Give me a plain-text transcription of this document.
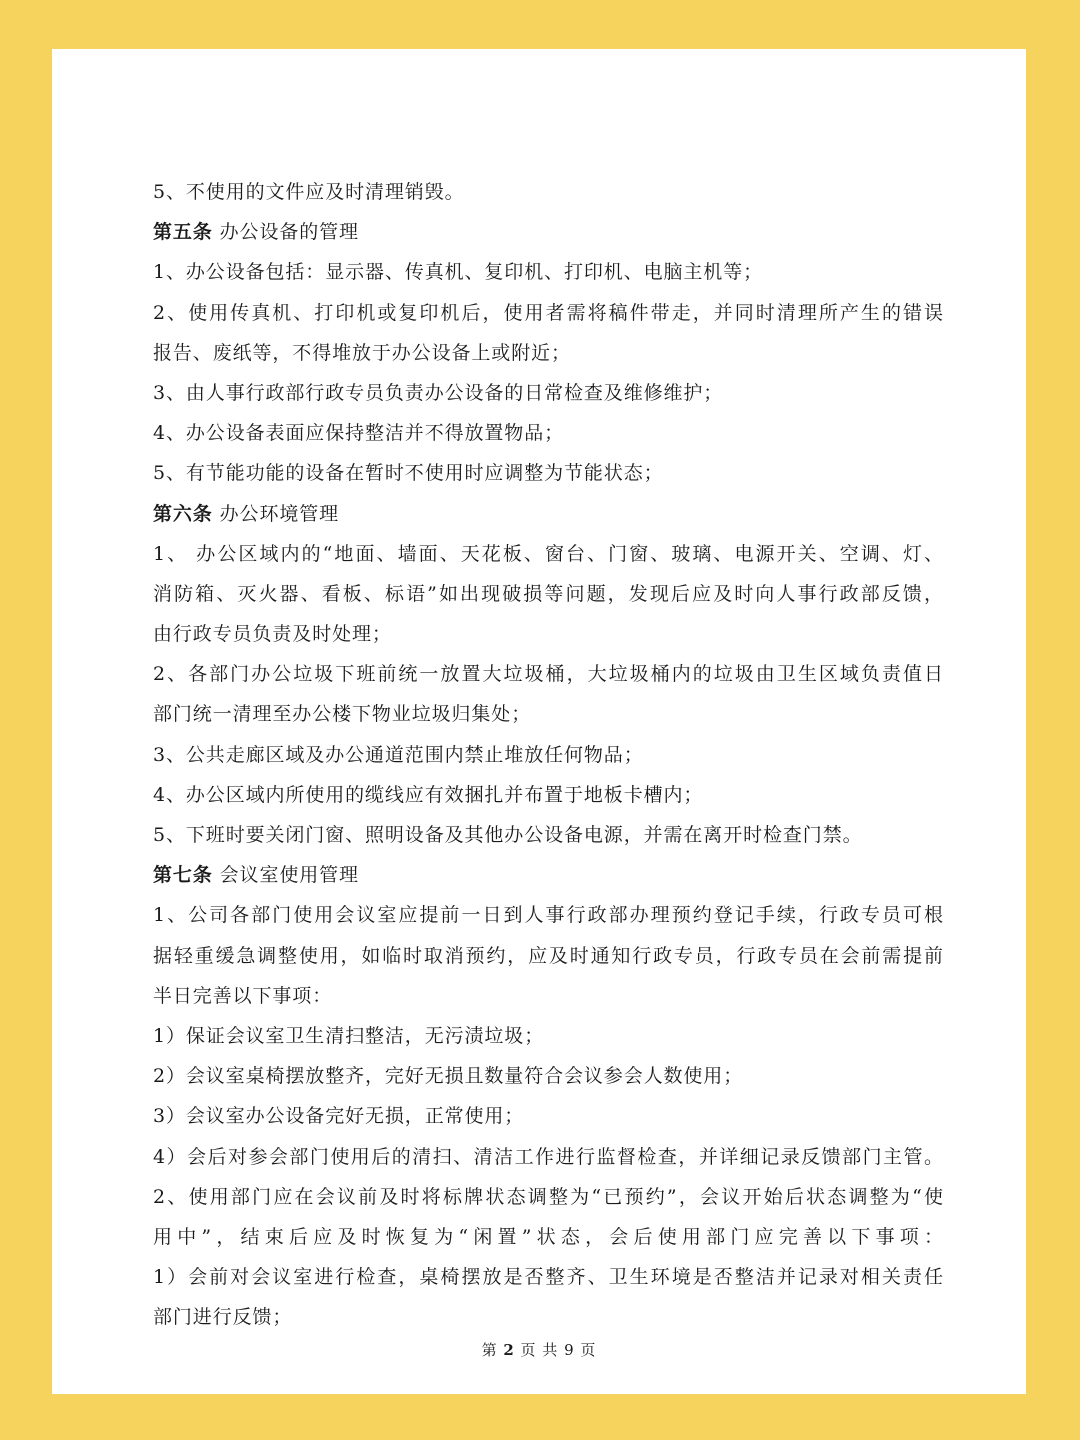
5、不使用的文件应及时清理销毁。
第五条 办公设备的管理
1、办公设备包括：显示器、传真机、复印机、打印机、电脑主机等；
2、使用传真机、打印机或复印机后，使用者需将稿件带走，并同时清理所产生的错误
报告、废纸等，不得堆放于办公设备上或附近；
3、由人事行政部行政专员负责办公设备的日常检查及维修维护；
4、办公设备表面应保持整洁并不得放置物品；
5、有节能功能的设备在暂时不使用时应调整为节能状态；
第六条 办公环境管理
1、 办公区域内的“地面、墙面、天花板、窗台、门窗、玻璃、电源开关、空调、灯、
消防箱、灭火器、看板、标语”如出现破损等问题，发现后应及时向人事行政部反馈，
由行政专员负责及时处理；
2、各部门办公垃圾下班前统一放置大垃圾桶，大垃圾桶内的垃圾由卫生区域负责值日
部门统一清理至办公楼下物业垃圾归集处；
3、公共走廊区域及办公通道范围内禁止堆放任何物品；
4、办公区域内所使用的缆线应有效捆扎并布置于地板卡槽内；
5、下班时要关闭门窗、照明设备及其他办公设备电源，并需在离开时检查门禁。
第七条 会议室使用管理
1、公司各部门使用会议室应提前一日到人事行政部办理预约登记手续，行政专员可根
据轻重缓急调整使用，如临时取消预约，应及时通知行政专员，行政专员在会前需提前
半日完善以下事项：
1）保证会议室卫生清扫整洁，无污渍垃圾；
2）会议室桌椅摆放整齐，完好无损且数量符合会议参会人数使用；
3）会议室办公设备完好无损，正常使用；
4）会后对参会部门使用后的清扫、清洁工作进行监督检查，并详细记录反馈部门主管。
2、使用部门应在会议前及时将标牌状态调整为“已预约”，会议开始后状态调整为“使
用中”，结束后应及时恢复为“闲置”状态，会后使用部门应完善以下事项：
1）会前对会议室进行检查，桌椅摆放是否整齐、卫生环境是否整洁并记录对相关责任
部门进行反馈；
第 2 页 共 9 页
